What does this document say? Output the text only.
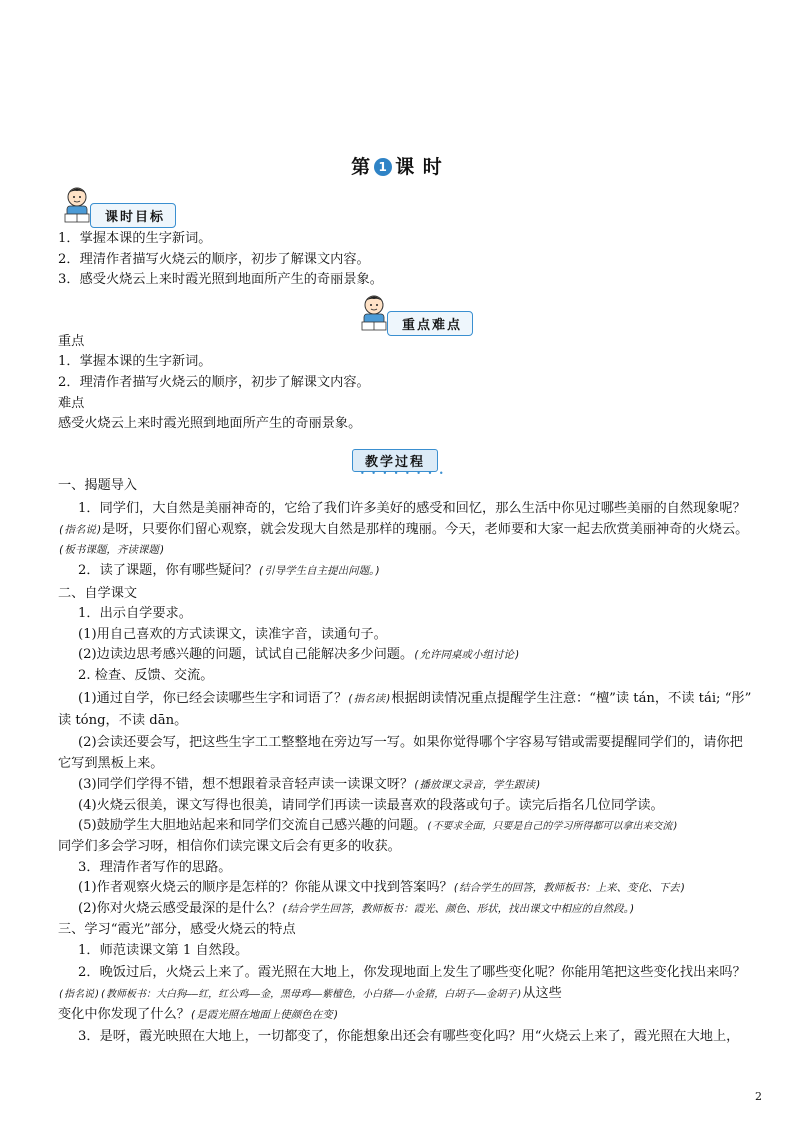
第 1 课 时
课时目标
1．掌握本课的生字新词。
2．理清作者描写火烧云的顺序，初步了解课文内容。
3．感受火烧云上来时霞光照到地面所产生的奇丽景象。
重点难点
重点
1．掌握本课的生字新词。
2．理清作者描写火烧云的顺序，初步了解课文内容。
难点
感受火烧云上来时霞光照到地面所产生的奇丽景象。
教学过程
• • • • • • • •
一、揭题导入
1．同学们，大自然是美丽神奇的，它给了我们许多美好的感受和回忆，那么生活中你见过哪些美丽的自然现象呢？
(指名说)是呀，只要你们留心观察，就会发现大自然是那样的瑰丽。今天，老师要和大家一起去欣赏美丽神奇的火烧云。
(板书课题，齐读课题)
2．读了课题，你有哪些疑问？(引导学生自主提出问题。)
二、自学课文
1．出示自学要求。
(1)用自己喜欢的方式读课文，读准字音，读通句子。
(2)边读边思考感兴趣的问题，试试自己能解决多少问题。(允许同桌或小组讨论)
2. 检查、反馈、交流。
(1)通过自学，你已经会读哪些生字和词语了？(指名读)根据朗读情况重点提醒学生注意：“檀”读 tán，不读 tái; “彤”
读 tóng，不读 dān。
(2)会读还要会写，把这些生字工工整整地在旁边写一写。如果你觉得哪个字容易写错或需要提醒同学们的，请你把
它写到黑板上来。
(3)同学们学得不错，想不想跟着录音轻声读一读课文呀？(播放课文录音，学生跟读)
(4)火烧云很美，课文写得也很美，请同学们再读一读最喜欢的段落或句子。读完后指名几位同学读。
(5)鼓励学生大胆地站起来和同学们交流自己感兴趣的问题。(不要求全面，只要是自己的学习所得都可以拿出来交流)
同学们多会学习呀，相信你们读完课文后会有更多的收获。
3．理清作者写作的思路。
(1)作者观察火烧云的顺序是怎样的？你能从课文中找到答案吗？(结合学生的回答，教师板书：上来、变化、下去)
(2)你对火烧云感受最深的是什么？(结合学生回答，教师板书：霞光、颜色、形状，找出课文中相应的自然段。)
三、学习“霞光”部分，感受火烧云的特点
1．师范读课文第 1 自然段。
2．晚饭过后，火烧云上来了。霞光照在大地上，你发现地面上发生了哪些变化呢？你能用笔把这些变化找出来吗？
(指名说)(教师板书：大白狗——红，红公鸡——金，黑母鸡——紫檀色，小白猪——小金猪，白胡子——金胡子)从这些
变化中你发现了什么？(是霞光照在地面上使颜色在变)
3．是呀，霞光映照在大地上，一切都变了，你能想象出还会有哪些变化吗？用“火烧云上来了，霞光照在大地上，
2
